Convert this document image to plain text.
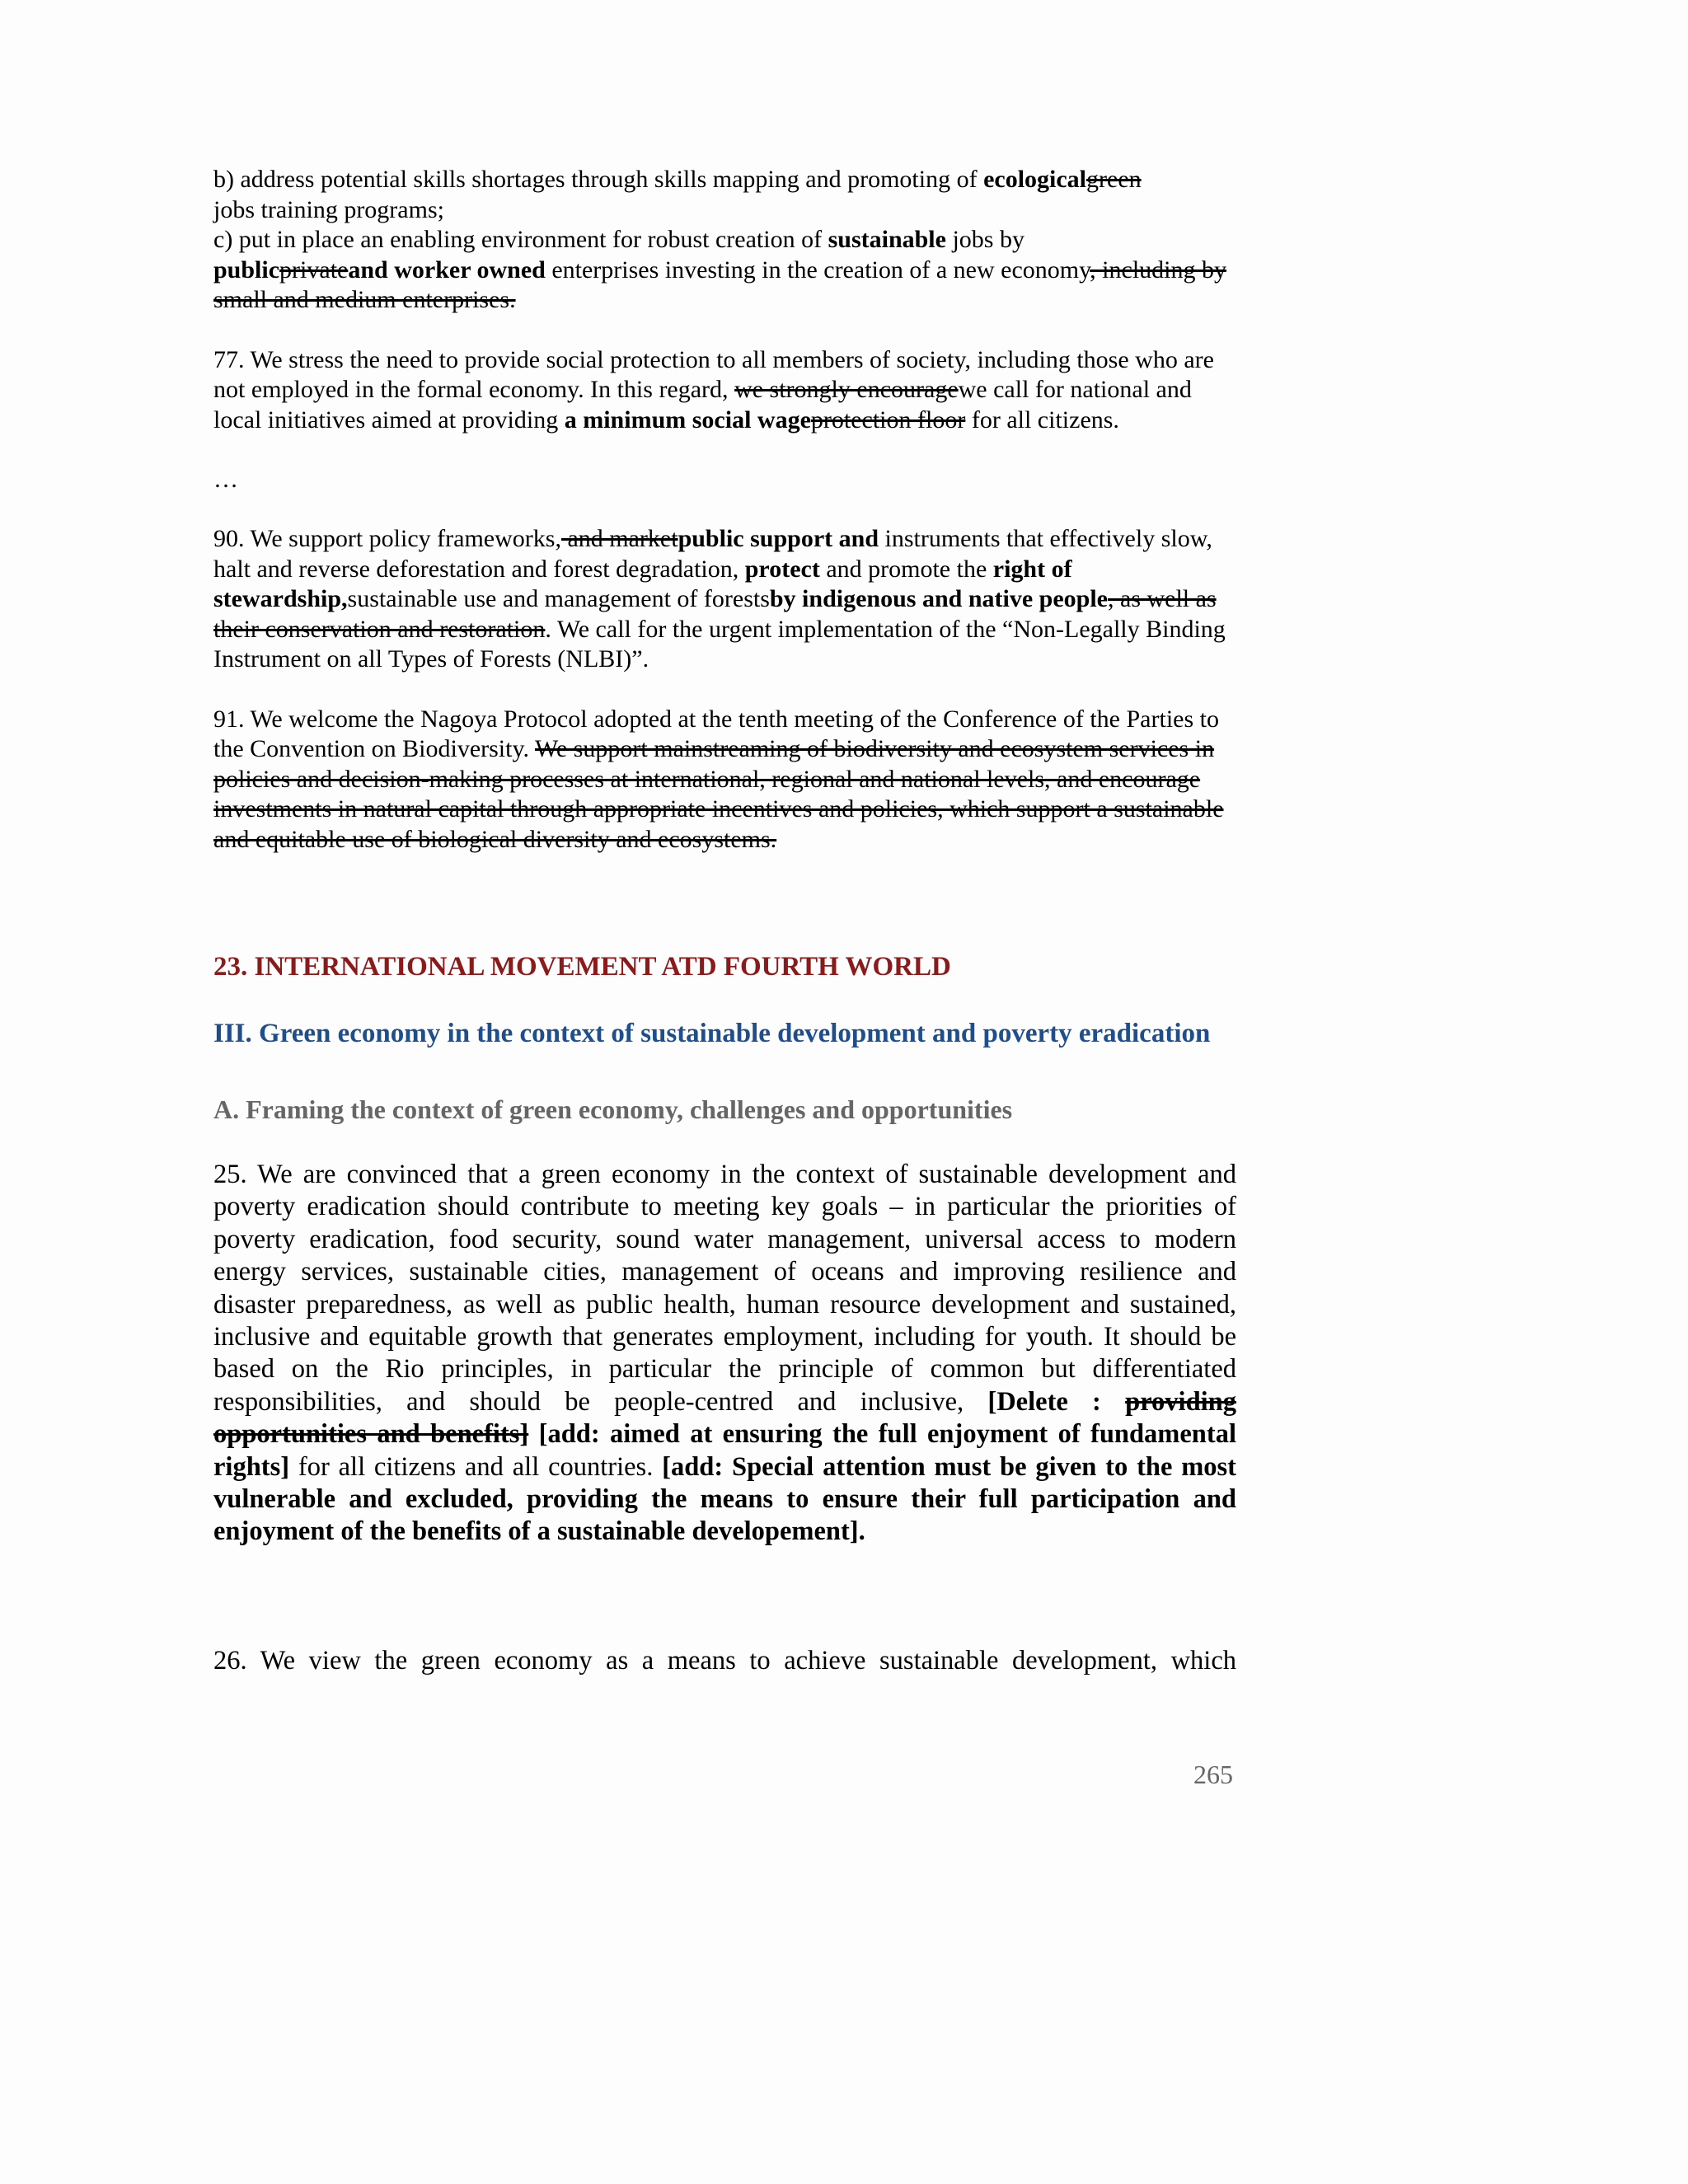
b) address potential skills shortages through skills mapping and promoting of ecologicalgreen
jobs training programs;

c) put in place an enabling environment for robust creation of sustainable jobs by
publicprivateand worker owned enterprises investing in the creation of a new economy, including by small and medium enterprises.

77. We stress the need to provide social protection to all members of society, including those who are not employed in the formal economy. In this regard, we strongly encouragewe call for national and local initiatives aimed at providing a minimum social wageprotection floor for all citizens.

…

90. We support policy frameworks, and marketpublic support and instruments that effectively slow, halt and reverse deforestation and forest degradation, protect and promote the right of stewardship,sustainable use and management of forestsby indigenous and native people, as well as their conservation and restoration. We call for the urgent implementation of the “Non-Legally Binding Instrument on all Types of Forests (NLBI)”.

91. We welcome the Nagoya Protocol adopted at the tenth meeting of the Conference of the Parties to the Convention on Biodiversity. We support mainstreaming of biodiversity and ecosystem services in policies and decision-making processes at international, regional and national levels, and encourage investments in natural capital through appropriate incentives and policies, which support a sustainable and equitable use of biological diversity and ecosystems.

23. INTERNATIONAL MOVEMENT ATD FOURTH WORLD

III. Green economy in the context of sustainable development and poverty eradication

A. Framing the context of green economy, challenges and opportunities

25. We are convinced that a green economy in the context of sustainable development and poverty eradication should contribute to meeting key goals – in particular the priorities of poverty eradication, food security, sound water management, universal access to modern energy services, sustainable cities, management of oceans and improving resilience and disaster preparedness, as well as public health, human resource development and sustained, inclusive and equitable growth that generates employment, including for youth. It should be based on the Rio principles, in particular the principle of common but differentiated responsibilities, and should be people-centred and inclusive, [Delete : providing opportunities and benefits] [add: aimed at ensuring the full enjoyment of fundamental rights] for all citizens and all countries. [add: Special attention must be given to the most vulnerable and excluded, providing the means to ensure their full participation and enjoyment of the benefits of a sustainable developement].

26. We view the green economy as a means to achieve sustainable development, which

265
